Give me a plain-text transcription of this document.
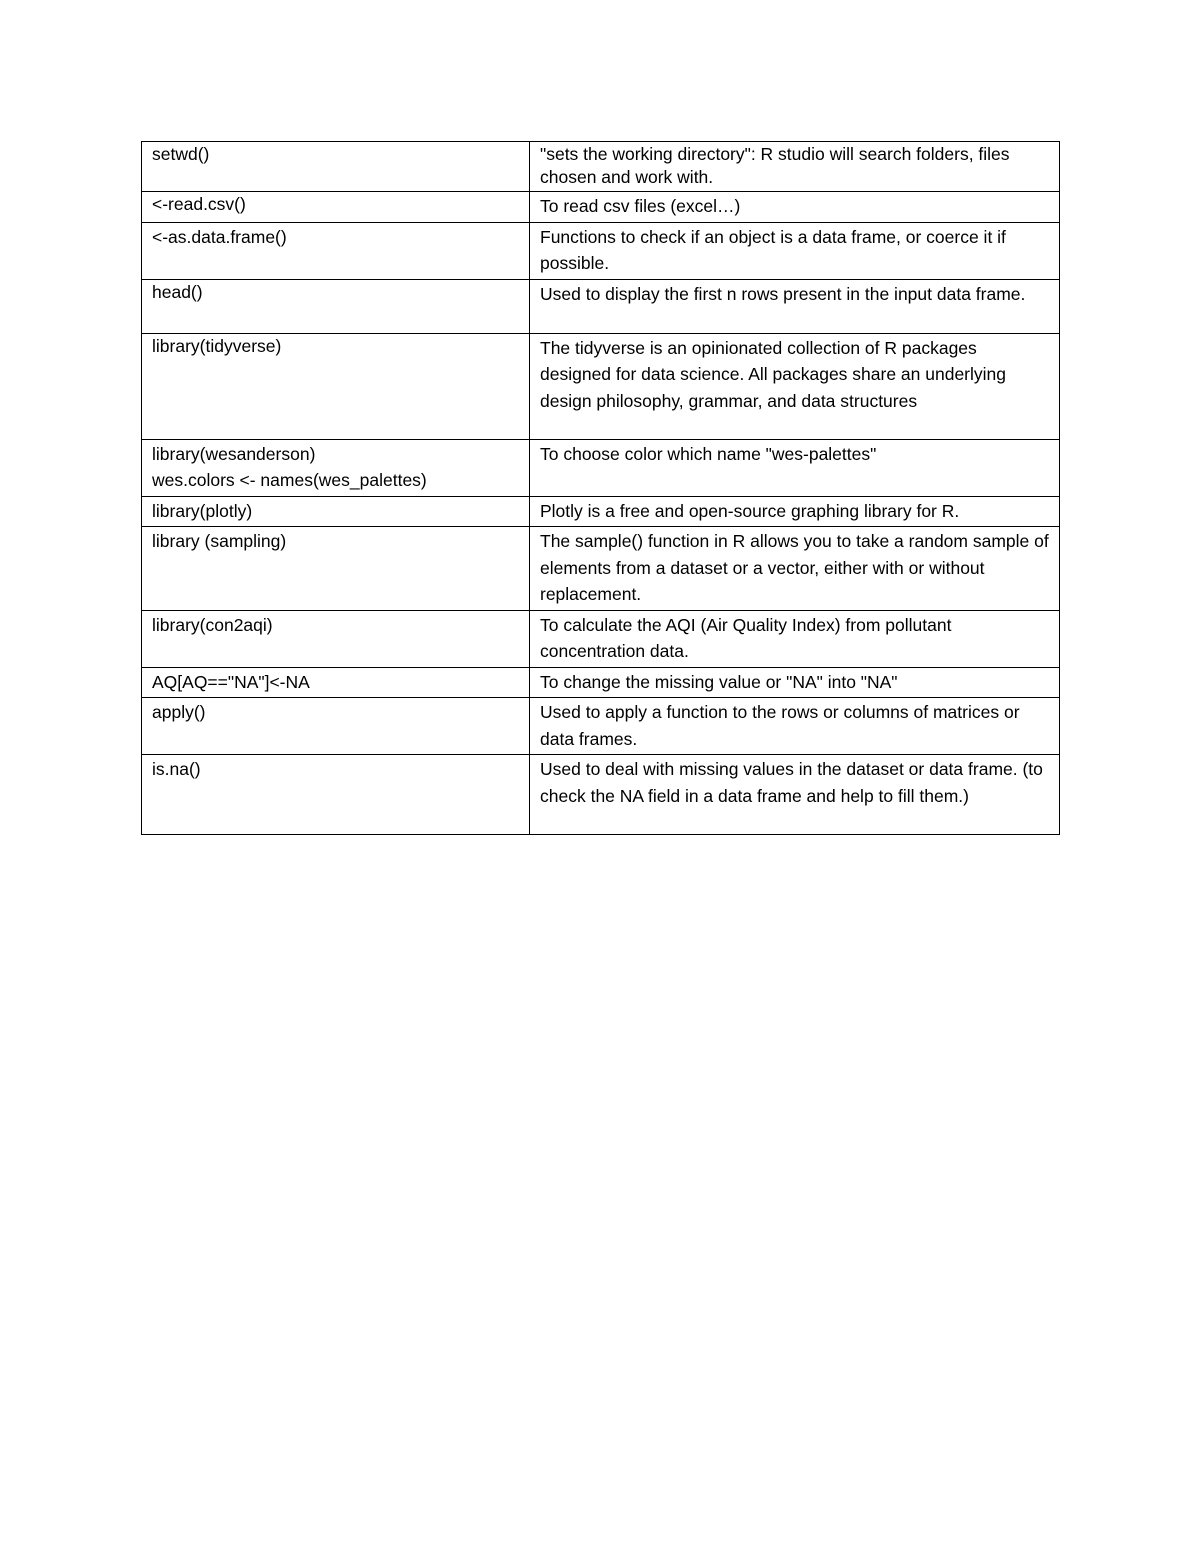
setwd()	"sets the working directory": R studio will search folders, files chosen and work with.

<-read.csv()	To read csv files (excel…)

<-as.data.frame()	Functions to check if an object is a data frame, or coerce it if possible.

head()	Used to display the first n rows present in the input data frame.

library(tidyverse)	The tidyverse is an opinionated collection of R packages designed for data science. All packages share an underlying design philosophy, grammar, and data structures

library(wesanderson)
wes.colors <- names(wes_palettes)	To choose color which name "wes-palettes"

library(plotly)	Plotly is a free and open-source graphing library for R.

library (sampling)	The sample() function in R allows you to take a random sample of elements from a dataset or a vector, either with or without replacement.

library(con2aqi)	To calculate the AQI (Air Quality Index) from pollutant concentration data.

AQ[AQ=="NA"]<-NA	To change the missing value or "NA" into "NA"

apply()	Used to apply a function to the rows or columns of matrices or data frames.

is.na()	Used to deal with missing values in the dataset or data frame. (to check the NA field in a data frame and help to fill them.)
